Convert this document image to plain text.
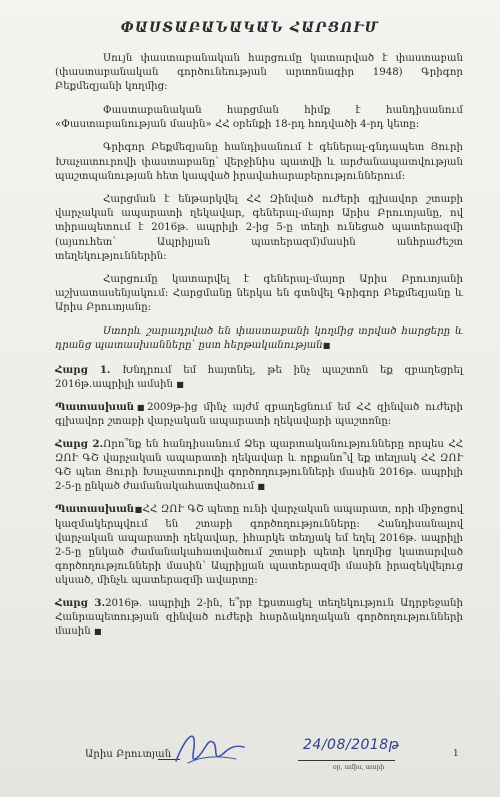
ՓԱՍՏԱԲԱՆԱԿԱՆ ՀԱՐՑՈՒՄ

Սույն փաստաբանական հարցումը կատարված է փաստաբան (փաստաբանական գործունեության արտոնագիր 1948) Գրիգոր Բեքմեզյանի կողմից:

Փաստաբանական հարցման հիմք է հանդիսանում «Փաստաբանության մասին» ՀՀ օրենքի 18-րդ հոդվածի 4-րդ կետը:

Գրիգոր Բեքմեզյանը հանդիսանում է գեներալ-գնդապետ Յուրի Խաչատուրովի փաստաբանը՝ վերջինիս պատվի և արժանապատվության պաշտպանության հետ կապված իրավահարաբերություններում:

Հարցման է ենթարկվել ՀՀ Զինված ուժերի գլխավոր շտաբի վարչական ապարատի ղեկավար, գեներալ-մայոր Արիս Բրուտյանը, ով տիրապետում է 2016թ. ապրիլի 2-ից 5-ը տեղի ունեցած պատերազմի (այսուհետ՝ Ապրիլյան պատերազմ)մասին անհրաժեշտ տեղեկություններին:

Հարցումը կատարվել է գեներալ-մայոր Արիս Բրուտյանի աշխատասենյակում: Հարցմանը ներկա են գտնվել Գրիգոր Բեքմեզյանը և Արիս Բրուտյանը:

Ստորև շարադրված են փաստաբանի կողմից տրված հարցերը և դրանց պատասխանները՝ ըստ հերթականության■

Հարց 1. Խնդրում եմ հայտնել, թե ինչ պաշտոն եք զբաղեցրել 2016թ.ապրիլի ամսին ■

Պատասխան■2009թ-ից մինչ այժմ զբաղեցնում եմ ՀՀ զինված ուժերի գլխավոր շտաբի վարչական ապարատի ղեկավարի պաշտոնը:

Հարց 2.Որո՞նք են հանդիսանում Ձեր պարտականությունները որպես ՀՀ ԶՈՒ ԳՇ վարչական ապարատի ղեկավար և որքանո՞վ եք տեղյակ ՀՀ ԶՈՒ ԳՇ պետ Յուրի Խաչատուրովի գործողությունների մասին 2016թ. ապրիլի 2-5-ը ընկած ժամանակահատվածում ■

Պատասխան■ՀՀ ԶՈՒ ԳՇ պետը ունի վարչական ապարատ, որի միջոցով կազմակերպվում են շտաբի գործողությունները: Հանդիսանալով վարչական ապարատի ղեկավար, իհարկե տեղյակ եմ եղել 2016թ. ապրիլի 2-5-ը ընկած ժամանակահատվածում շտաբի պետի կողմից կատարված գործողությունների մասին՝ Ապրիլյան պատերազմի մասին իրազեկվելուց սկսած, մինչև պատերազմի ավարտը:

Հարց 3.2016թ. ապրիլի 2-ին, ե՞րբ էքստացել տեղեկություն Ադրբեջանի Հանրապետության զինված ուժերի հարձակողական գործողությունների մասին ■

Արիս Բրուտյան
24/08/2018թ
օր, ամիս, տարի
1
